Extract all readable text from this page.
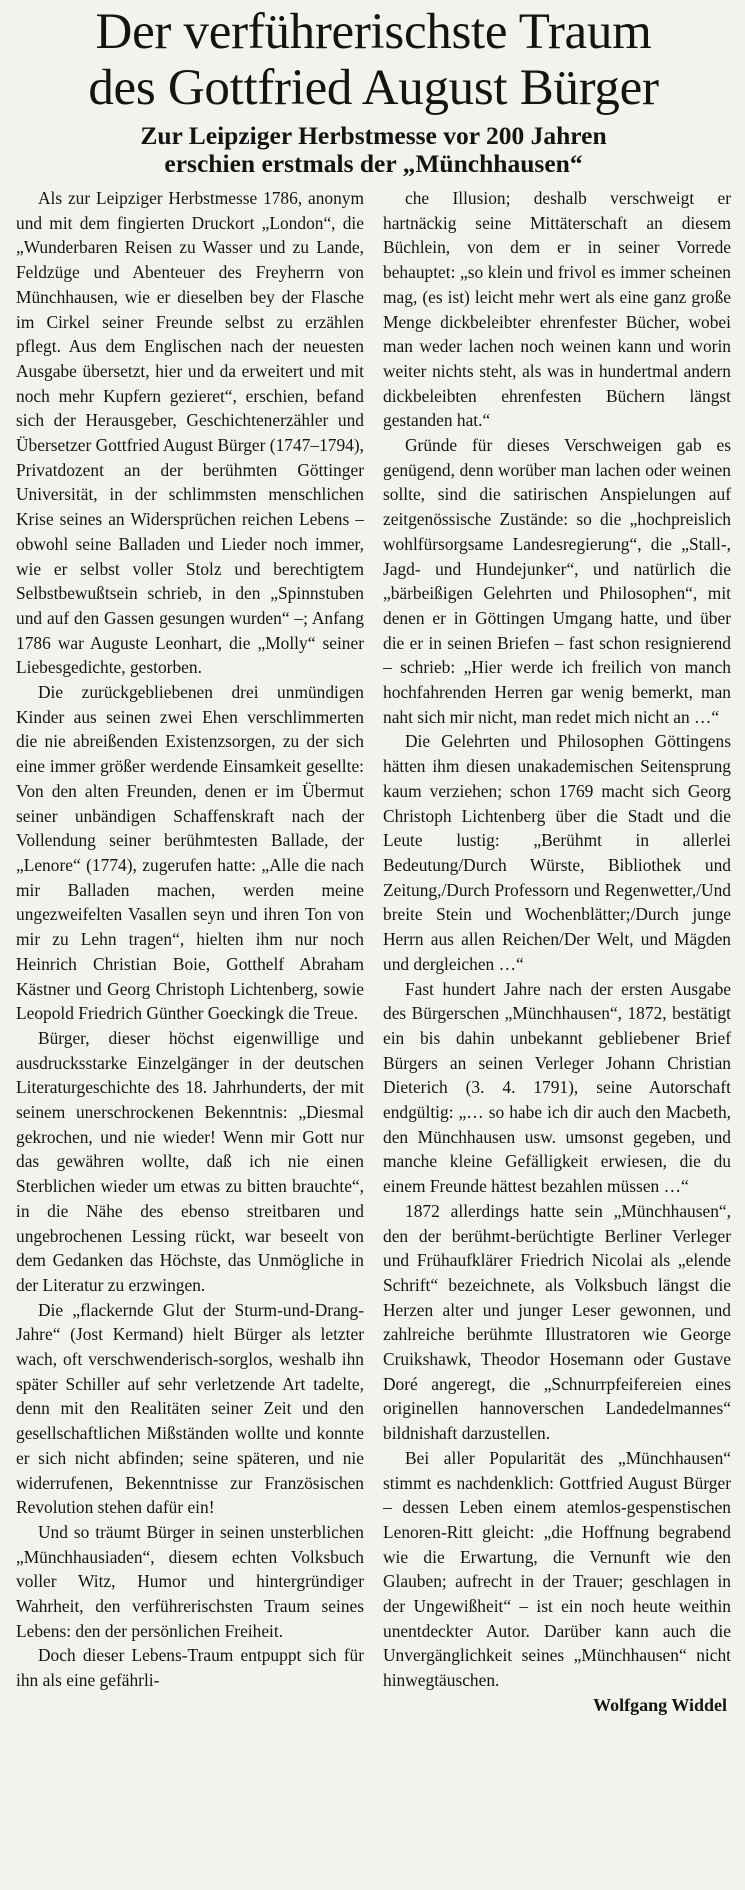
Der verführerischste Traum
des Gottfried August Bürger
Zur Leipziger Herbstmesse vor 200 Jahren
erschien erstmals der „Münchhausen“

Als zur Leipziger Herbstmesse 1786, anonym und mit dem fingierten Druckort „London“, die „Wunderbaren Reisen zu Wasser und zu Lande, Feldzüge und Abenteuer des Freyherrn von Münchhausen, wie er dieselben bey der Flasche im Cirkel seiner Freunde selbst zu erzählen pflegt. Aus dem Englischen nach der neuesten Ausgabe übersetzt, hier und da erweitert und mit noch mehr Kupfern gezieret“, erschien, befand sich der Herausgeber, Geschichtenerzähler und Übersetzer Gottfried August Bürger (1747–1794), Privatdozent an der berühmten Göttinger Universität, in der schlimmsten menschlichen Krise seines an Widersprüchen reichen Lebens – obwohl seine Balladen und Lieder noch immer, wie er selbst voller Stolz und berechtigtem Selbstbewußtsein schrieb, in den „Spinnstuben und auf den Gassen gesungen wurden“ –; Anfang 1786 war Auguste Leonhart, die „Molly“ seiner Liebesgedichte, gestorben.

Die zurückgebliebenen drei unmündigen Kinder aus seinen zwei Ehen verschlimmerten die nie abreißenden Existenzsorgen, zu der sich eine immer größer werdende Einsamkeit gesellte: Von den alten Freunden, denen er im Übermut seiner unbändigen Schaffenskraft nach der Vollendung seiner berühmtesten Ballade, der „Lenore“ (1774), zugerufen hatte: „Alle die nach mir Balladen machen, werden meine ungezweifelten Vasallen seyn und ihren Ton von mir zu Lehn tragen“, hielten ihm nur noch Heinrich Christian Boie, Gotthelf Abraham Kästner und Georg Christoph Lichtenberg, sowie Leopold Friedrich Günther Goeckingk die Treue.

Bürger, dieser höchst eigenwillige und ausdrucksstarke Einzelgänger in der deutschen Literaturgeschichte des 18. Jahrhunderts, der mit seinem unerschrockenen Bekenntnis: „Diesmal gekrochen, und nie wieder! Wenn mir Gott nur das gewähren wollte, daß ich nie einen Sterblichen wieder um etwas zu bitten brauchte“, in die Nähe des ebenso streitbaren und ungebrochenen Lessing rückt, war beseelt von dem Gedanken das Höchste, das Unmögliche in der Literatur zu erzwingen.

Die „flackernde Glut der Sturm-und-Drang-Jahre“ (Jost Kermand) hielt Bürger als letzter wach, oft verschwenderisch-sorglos, weshalb ihn später Schiller auf sehr verletzende Art tadelte, denn mit den Realitäten seiner Zeit und den gesellschaftlichen Mißständen wollte und konnte er sich nicht abfinden; seine späteren, und nie widerrufenen, Bekenntnisse zur Französischen Revolution stehen dafür ein!

Und so träumt Bürger in seinen unsterblichen „Münchhausiaden“, diesem echten Volksbuch voller Witz, Humor und hintergründiger Wahrheit, den verführerischsten Traum seines Lebens: den der persönlichen Freiheit.

Doch dieser Lebens-Traum entpuppt sich für ihn als eine gefährli-

che Illusion; deshalb verschweigt er hartnäckig seine Mittäterschaft an diesem Büchlein, von dem er in seiner Vorrede behauptet: „so klein und frivol es immer scheinen mag, (es ist) leicht mehr wert als eine ganz große Menge dickbeleibter ehrenfester Bücher, wobei man weder lachen noch weinen kann und worin weiter nichts steht, als was in hundertmal andern dickbeleibten ehrenfesten Büchern längst gestanden hat.“

Gründe für dieses Verschweigen gab es genügend, denn worüber man lachen oder weinen sollte, sind die satirischen Anspielungen auf zeitgenössische Zustände: so die „hochpreislich wohlfürsorgsame Landesregierung“, die „Stall-, Jagd- und Hundejunker“, und natürlich die „bärbeißigen Gelehrten und Philosophen“, mit denen er in Göttingen Umgang hatte, und über die er in seinen Briefen – fast schon resignierend – schrieb: „Hier werde ich freilich von manch hochfahrenden Herren gar wenig bemerkt, man naht sich mir nicht, man redet mich nicht an …“

Die Gelehrten und Philosophen Göttingens hätten ihm diesen unakademischen Seitensprung kaum verziehen; schon 1769 macht sich Georg Christoph Lichtenberg über die Stadt und die Leute lustig: „Berühmt in allerlei Bedeutung/Durch Würste, Bibliothek und Zeitung,/Durch Professorn und Regenwetter,/Und breite Stein und Wochenblätter;/Durch junge Herrn aus allen Reichen/Der Welt, und Mägden und dergleichen …“

Fast hundert Jahre nach der ersten Ausgabe des Bürgerschen „Münchhausen“, 1872, bestätigt ein bis dahin unbekannt gebliebener Brief Bürgers an seinen Verleger Johann Christian Dieterich (3. 4. 1791), seine Autorschaft endgültig: „… so habe ich dir auch den Macbeth, den Münchhausen usw. umsonst gegeben, und manche kleine Gefälligkeit erwiesen, die du einem Freunde hättest bezahlen müssen …“

1872 allerdings hatte sein „Münchhausen“, den der berühmt-berüchtigte Berliner Verleger und Frühaufklärer Friedrich Nicolai als „elende Schrift“ bezeichnete, als Volksbuch längst die Herzen alter und junger Leser gewonnen, und zahlreiche berühmte Illustratoren wie George Cruikshawk, Theodor Hosemann oder Gustave Doré angeregt, die „Schnurrpfeifereien eines originellen hannoverschen Landedelmannes“ bildnishaft darzustellen.

Bei aller Popularität des „Münchhausen“ stimmt es nachdenklich: Gottfried August Bürger – dessen Leben einem atemlos-gespenstischen Lenoren-Ritt gleicht: „die Hoffnung begrabend wie die Erwartung, die Vernunft wie den Glauben; aufrecht in der Trauer; geschlagen in der Ungewißheit“ – ist ein noch heute weithin unentdeckter Autor. Darüber kann auch die Unvergänglichkeit seines „Münchhausen“ nicht hinwegtäuschen.

Wolfgang Widdel
